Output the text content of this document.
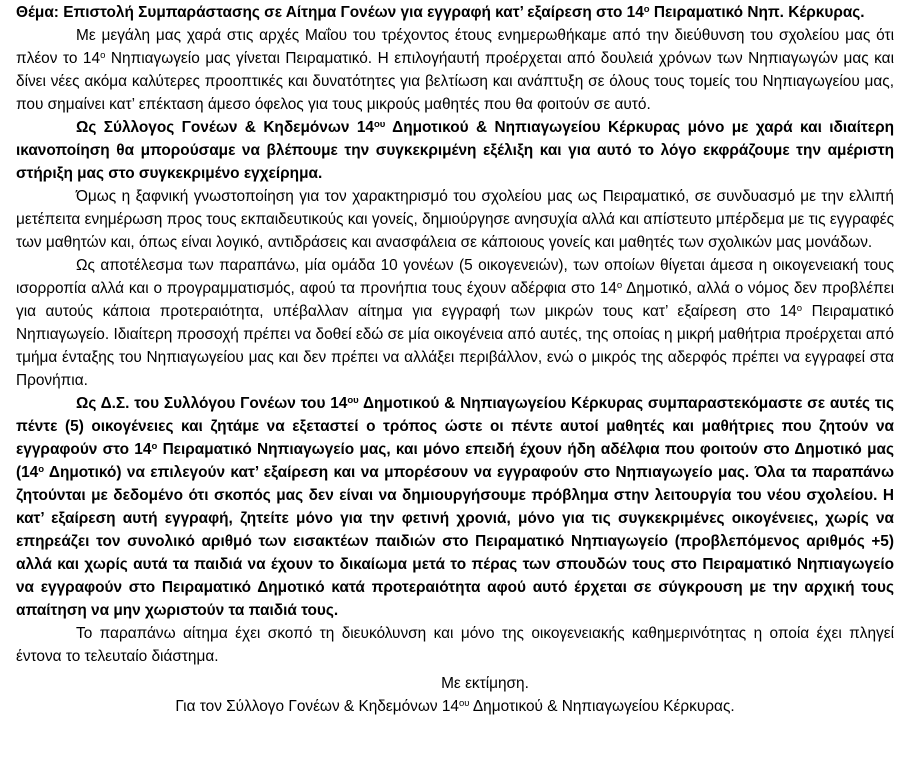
Θέμα: Επιστολή Συμπαράστασης σε Αίτημα Γονέων για εγγραφή κατ’ εξαίρεση στο $14^o$ Πειραματικό Νηπ. Κέρκυρας.

Με μεγάλη μας χαρά στις αρχές Μαΐου του τρέχοντος έτους ενημερωθήκαμε από την διεύθυνση του σχολείου μας ότι πλέον το $14^o$ Νηπιαγωγείο μας γίνεται Πειραματικό. Η επιλογήαυτή προέρχεται από δουλειά χρόνων των Νηπιαγωγών μας και δίνει νέες ακόμα καλύτερες προοπτικές και δυνατότητες για βελτίωση και ανάπτυξη σε όλους τους τομείς του Νηπιαγωγείου μας, που σημαίνει κατ’ επέκταση άμεσο όφελος για τους μικρούς μαθητές που θα φοιτούν σε αυτό.

Ως Σύλλογος Γονέων & Κηδεμόνων $14^{o\upsilon}$ Δημοτικού & Νηπιαγωγείου Κέρκυρας μόνο με χαρά και ιδιαίτερη ικανοποίηση θα μπορούσαμε να βλέπουμε την συγκεκριμένη εξέλιξη και για αυτό το λόγο εκφράζουμε την αμέριστη στήριξη μας στο συγκεκριμένο εγχείρημα.

Όμως η ξαφνική γνωστοποίηση για τον χαρακτηρισμό του σχολείου μας ως Πειραματικό, σε συνδυασμό με την ελλιπή μετέπειτα ενημέρωση προς τους εκπαιδευτικούς και γονείς, δημιούργησε ανησυχία αλλά και απίστευτο μπέρδεμα με τις εγγραφές των μαθητών και, όπως είναι λογικό, αντιδράσεις και ανασφάλεια σε κάποιους γονείς και μαθητές των σχολικών μας μονάδων.

Ως αποτέλεσμα των παραπάνω, μία ομάδα 10 γονέων (5 οικογενειών), των οποίων θίγεται άμεσα η οικογενειακή τους ισορροπία αλλά και ο προγραμματισμός, αφού τα προνήπια τους έχουν αδέρφια στο $14^o$ Δημοτικό, αλλά ο νόμος δεν προβλέπει για αυτούς κάποια προτεραιότητα, υπέβαλλαν αίτημα για εγγραφή των μικρών τους κατ’ εξαίρεση στο $14^o$ Πειραματικό Νηπιαγωγείο. Ιδιαίτερη προσοχή πρέπει να δοθεί εδώ σε μία οικογένεια από αυτές, της οποίας η μικρή μαθήτρια προέρχεται από τμήμα ένταξης του Νηπιαγωγείου μας και δεν πρέπει να αλλάξει περιβάλλον, ενώ ο μικρός της αδερφός πρέπει να εγγραφεί στα Προνήπια.

Ως Δ.Σ. του Συλλόγου Γονέων του $14^{o\upsilon}$ Δημοτικού & Νηπιαγωγείου Κέρκυρας συμπαραστεκόμαστε σε αυτές τις πέντε (5) οικογένειες και ζητάμε να εξεταστεί ο τρόπος ώστε οι πέντε αυτοί μαθητές και μαθήτριες που ζητούν να εγγραφούν στο $14^o$ Πειραματικό Νηπιαγωγείο μας, και μόνο επειδή έχουν ήδη αδέλφια που φοιτούν στο Δημοτικό μας ($14^o$ Δημοτικό) να επιλεγούν κατ’ εξαίρεση και να μπορέσουν να εγγραφούν στο Νηπιαγωγείο μας. Όλα τα παραπάνω ζητούνται με δεδομένο ότι σκοπός μας δεν είναι να δημιουργήσουμε πρόβλημα στην λειτουργία του νέου σχολείου. Η κατ’ εξαίρεση αυτή εγγραφή, ζητείτε μόνο για την φετινή χρονιά, μόνο για τις συγκεκριμένες οικογένειες, χωρίς να επηρεάζει τον συνολικό αριθμό των εισακτέων παιδιών στο Πειραματικό Νηπιαγωγείο (προβλεπόμενος αριθμός +5) αλλά και χωρίς αυτά τα παιδιά να έχουν το δικαίωμα μετά το πέρας των σπουδών τους στο Πειραματικό Νηπιαγωγείο να εγγραφούν στο Πειραματικό Δημοτικό κατά προτεραιότητα αφού αυτό έρχεται σε σύγκρουση με την αρχική τους απαίτηση να μην χωριστούν τα παιδιά τους.

Το παραπάνω αίτημα έχει σκοπό τη διευκόλυνση και μόνο της οικογενειακής καθημερινότητας η οποία έχει πληγεί έντονα το τελευταίο διάστημα.

Με εκτίμηση.

Για τον Σύλλογο Γονέων & Κηδεμόνων $14^{o\upsilon}$ Δημοτικού & Νηπιαγωγείου Κέρκυρας.
